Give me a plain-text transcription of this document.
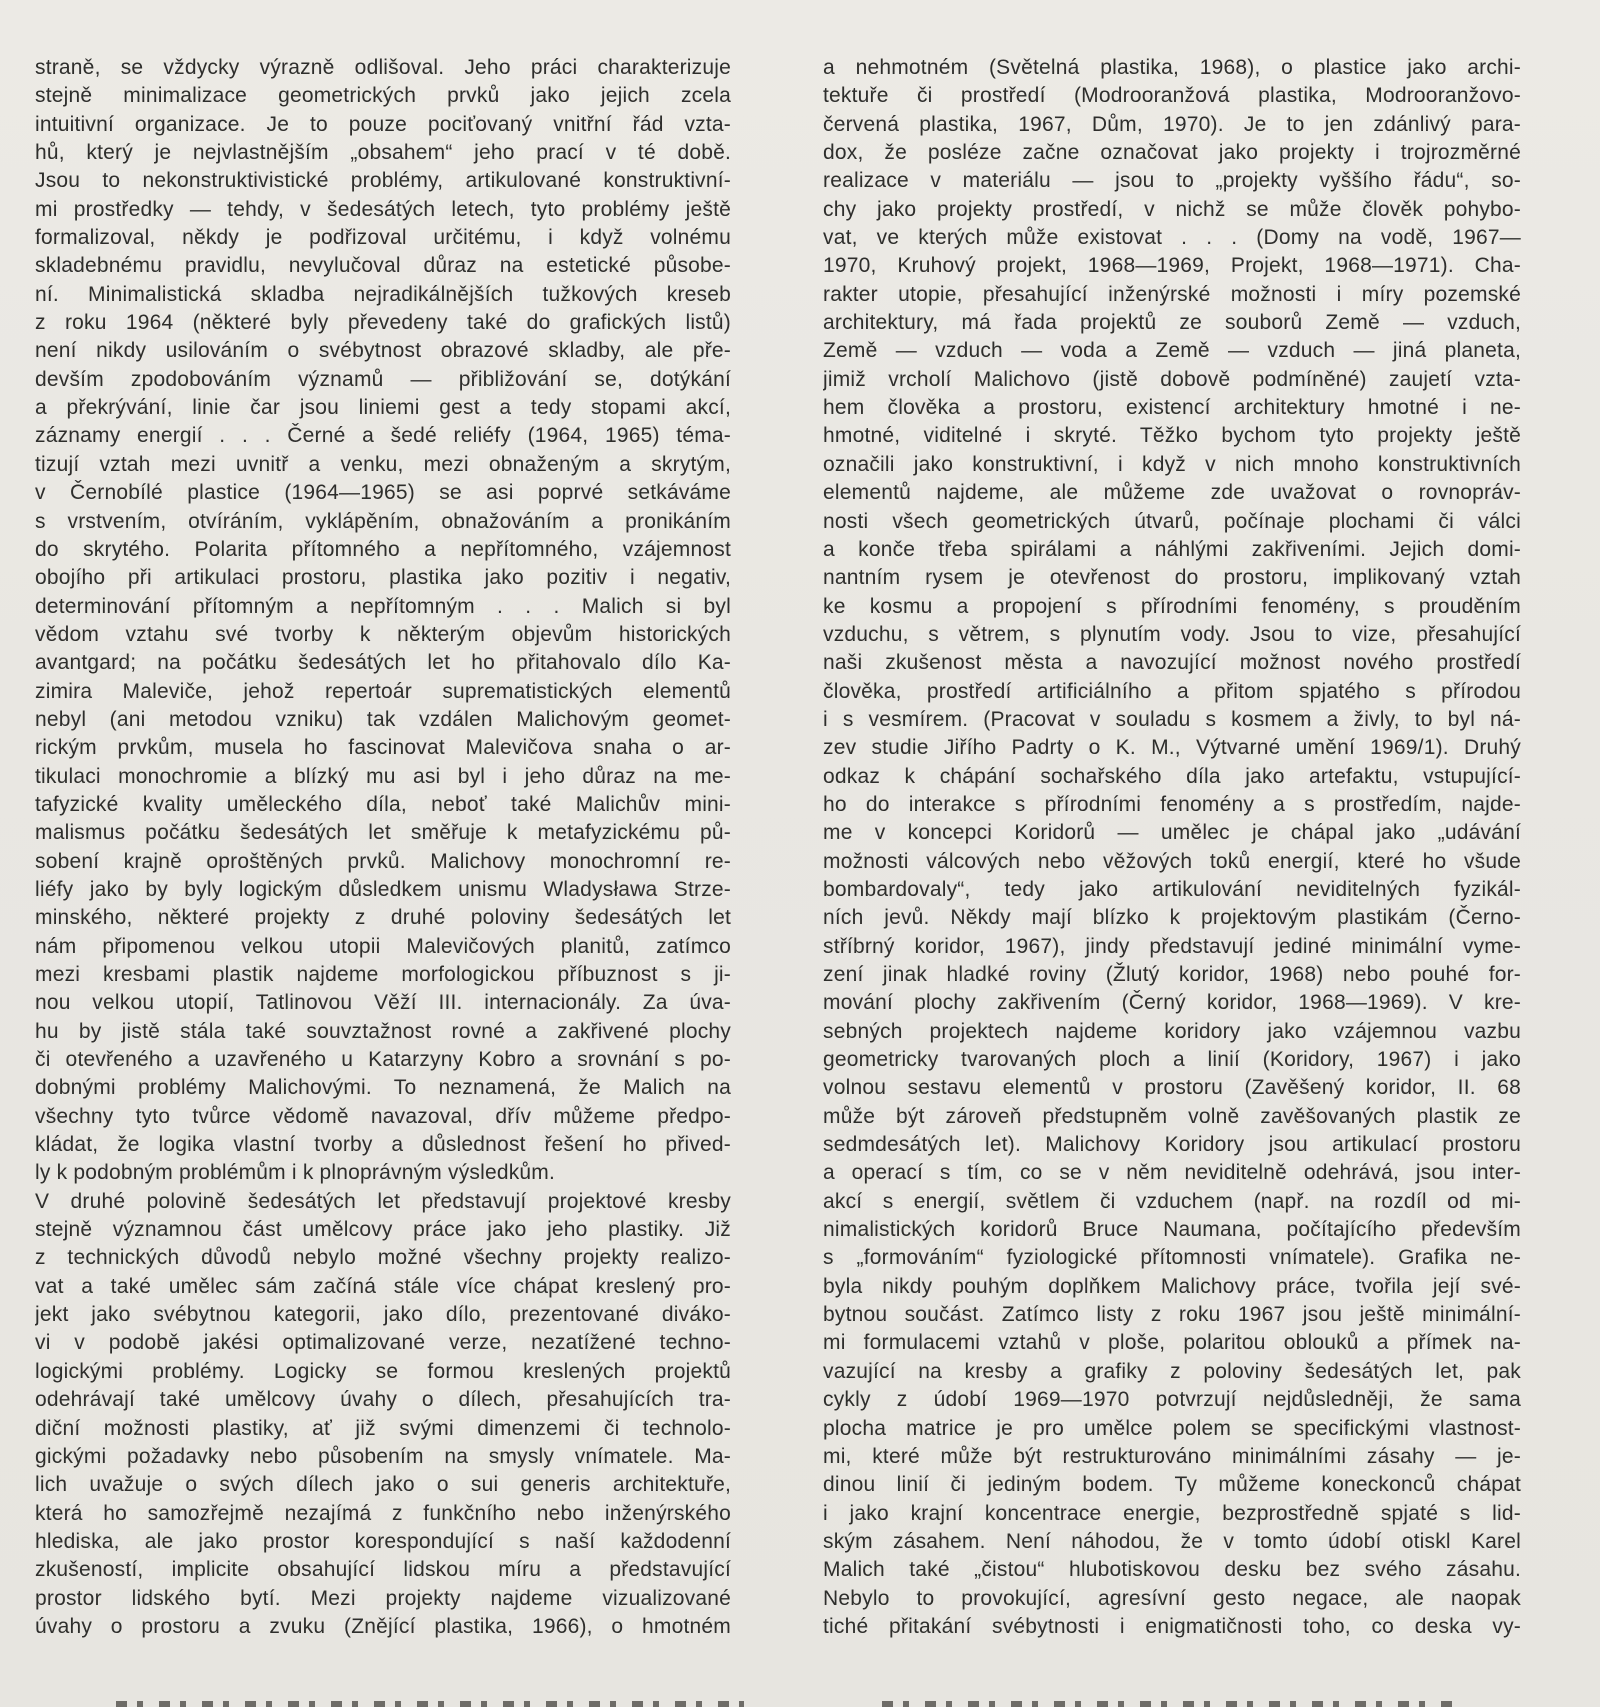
straně, se vždycky výrazně odlišoval. Jeho práci charakterizuje
stejně minimalizace geometrických prvků jako jejich zcela
intuitivní organizace. Je to pouze pociťovaný vnitřní řád vzta-
hů, který je nejvlastnějším „obsahem“ jeho prací v té době.
Jsou to nekonstruktivistické problémy, artikulované konstruktivní-
mi prostředky — tehdy, v šedesátých letech, tyto problémy ještě
formalizoval, někdy je podřizoval určitému, i když volnému
skladebnému pravidlu, nevylučoval důraz na estetické působe-
ní. Minimalistická skladba nejradikálnějších tužkových kreseb
z roku 1964 (některé byly převedeny také do grafických listů)
není nikdy usilováním o svébytnost obrazové skladby, ale pře-
devším zpodobováním významů — přibližování se, dotýkání
a překrývání, linie čar jsou liniemi gest a tedy stopami akcí,
záznamy energií . . . Černé a šedé reliéfy (1964, 1965) téma-
tizují vztah mezi uvnitř a venku, mezi obnaženým a skrytým,
v Černobílé plastice (1964—1965) se asi poprvé setkáváme
s vrstvením, otvíráním, vyklápěním, obnažováním a pronikáním
do skrytého. Polarita přítomného a nepřítomného, vzájemnost
obojího při artikulaci prostoru, plastika jako pozitiv i negativ,
determinování přítomným a nepřítomným . . . Malich si byl
vědom vztahu své tvorby k některým objevům historických
avantgard; na počátku šedesátých let ho přitahovalo dílo Ka-
zimira Maleviče, jehož repertoár suprematistických elementů
nebyl (ani metodou vzniku) tak vzdálen Malichovým geomet-
rickým prvkům, musela ho fascinovat Malevičova snaha o ar-
tikulaci monochromie a blízký mu asi byl i jeho důraz na me-
tafyzické kvality uměleckého díla, neboť také Malichův mini-
malismus počátku šedesátých let směřuje k metafyzickému pů-
sobení krajně oproštěných prvků. Malichovy monochromní re-
liéfy jako by byly logickým důsledkem unismu Wladysława Strze-
minského, některé projekty z druhé poloviny šedesátých let
nám připomenou velkou utopii Malevičových planitů, zatímco
mezi kresbami plastik najdeme morfologickou příbuznost s ji-
nou velkou utopií, Tatlinovou Věží III. internacionály. Za úva-
hu by jistě stála také souvztažnost rovné a zakřivené plochy
či otevřeného a uzavřeného u Katarzyny Kobro a srovnání s po-
dobnými problémy Malichovými. To neznamená, že Malich na
všechny tyto tvůrce vědomě navazoval, dřív můžeme předpo-
kládat, že logika vlastní tvorby a důslednost řešení ho přived-
ly k podobným problémům i k plnoprávným výsledkům.
V druhé polovině šedesátých let představují projektové kresby
stejně významnou část umělcovy práce jako jeho plastiky. Již
z technických důvodů nebylo možné všechny projekty realizo-
vat a také umělec sám začíná stále více chápat kreslený pro-
jekt jako svébytnou kategorii, jako dílo, prezentované diváko-
vi v podobě jakési optimalizované verze, nezatížené techno-
logickými problémy. Logicky se formou kreslených projektů
odehrávají také umělcovy úvahy o dílech, přesahujících tra-
diční možnosti plastiky, ať již svými dimenzemi či technolo-
gickými požadavky nebo působením na smysly vnímatele. Ma-
lich uvažuje o svých dílech jako o sui generis architektuře,
která ho samozřejmě nezajímá z funkčního nebo inženýrského
hlediska, ale jako prostor korespondující s naší každodenní
zkušeností, implicite obsahující lidskou míru a představující
prostor lidského bytí. Mezi projekty najdeme vizualizované
úvahy o prostoru a zvuku (Znějící plastika, 1966), o hmotném
a nehmotném (Světelná plastika, 1968), o plastice jako archi-
tektuře či prostředí (Modrooranžová plastika, Modrooranžovo-
červená plastika, 1967, Dům, 1970). Je to jen zdánlivý para-
dox, že posléze začne označovat jako projekty i trojrozměrné
realizace v materiálu — jsou to „projekty vyššího řádu“, so-
chy jako projekty prostředí, v nichž se může člověk pohybo-
vat, ve kterých může existovat . . . (Domy na vodě, 1967—
1970, Kruhový projekt, 1968—1969, Projekt, 1968—1971). Cha-
rakter utopie, přesahující inženýrské možnosti i míry pozemské
architektury, má řada projektů ze souborů Země — vzduch,
Země — vzduch — voda a Země — vzduch — jiná planeta,
jimiž vrcholí Malichovo (jistě dobově podmíněné) zaujetí vzta-
hem člověka a prostoru, existencí architektury hmotné i ne-
hmotné, viditelné i skryté. Těžko bychom tyto projekty ještě
označili jako konstruktivní, i když v nich mnoho konstruktivních
elementů najdeme, ale můžeme zde uvažovat o rovnopráv-
nosti všech geometrických útvarů, počínaje plochami či válci
a konče třeba spirálami a náhlými zakřiveními. Jejich domi-
nantním rysem je otevřenost do prostoru, implikovaný vztah
ke kosmu a propojení s přírodními fenomény, s prouděním
vzduchu, s větrem, s plynutím vody. Jsou to vize, přesahující
naši zkušenost města a navozující možnost nového prostředí
člověka, prostředí artificiálního a přitom spjatého s přírodou
i s vesmírem. (Pracovat v souladu s kosmem a živly, to byl ná-
zev studie Jiřího Padrty o K. M., Výtvarné umění 1969/1). Druhý
odkaz k chápání sochařského díla jako artefaktu, vstupující-
ho do interakce s přírodními fenomény a s prostředím, najde-
me v koncepci Koridorů — umělec je chápal jako „udávání
možnosti válcových nebo věžových toků energií, které ho všude
bombardovaly“, tedy jako artikulování neviditelných fyzikál-
ních jevů. Někdy mají blízko k projektovým plastikám (Černo-
stříbrný koridor, 1967), jindy představují jediné minimální vyme-
zení jinak hladké roviny (Žlutý koridor, 1968) nebo pouhé for-
mování plochy zakřivením (Černý koridor, 1968—1969). V kre-
sebných projektech najdeme koridory jako vzájemnou vazbu
geometricky tvarovaných ploch a linií (Koridory, 1967) i jako
volnou sestavu elementů v prostoru (Zavěšený koridor, II. 68
může být zároveň předstupněm volně zavěšovaných plastik ze
sedmdesátých let). Malichovy Koridory jsou artikulací prostoru
a operací s tím, co se v něm neviditelně odehrává, jsou inter-
akcí s energií, světlem či vzduchem (např. na rozdíl od mi-
nimalistických koridorů Bruce Naumana, počítajícího především
s „formováním“ fyziologické přítomnosti vnímatele). Grafika ne-
byla nikdy pouhým doplňkem Malichovy práce, tvořila její své-
bytnou součást. Zatímco listy z roku 1967 jsou ještě minimální-
mi formulacemi vztahů v ploše, polaritou oblouků a přímek na-
vazující na kresby a grafiky z poloviny šedesátých let, pak
cykly z údobí 1969—1970 potvrzují nejdůsledněji, že sama
plocha matrice je pro umělce polem se specifickými vlastnost-
mi, které může být restrukturováno minimálními zásahy — je-
dinou linií či jediným bodem. Ty můžeme koneckonců chápat
i jako krajní koncentrace energie, bezprostředně spjaté s lid-
ským zásahem. Není náhodou, že v tomto údobí otiskl Karel
Malich také „čistou“ hlubotiskovou desku bez svého zásahu.
Nebylo to provokující, agresívní gesto negace, ale naopak
tiché přitakání svébytnosti i enigmatičnosti toho, co deska vy-
